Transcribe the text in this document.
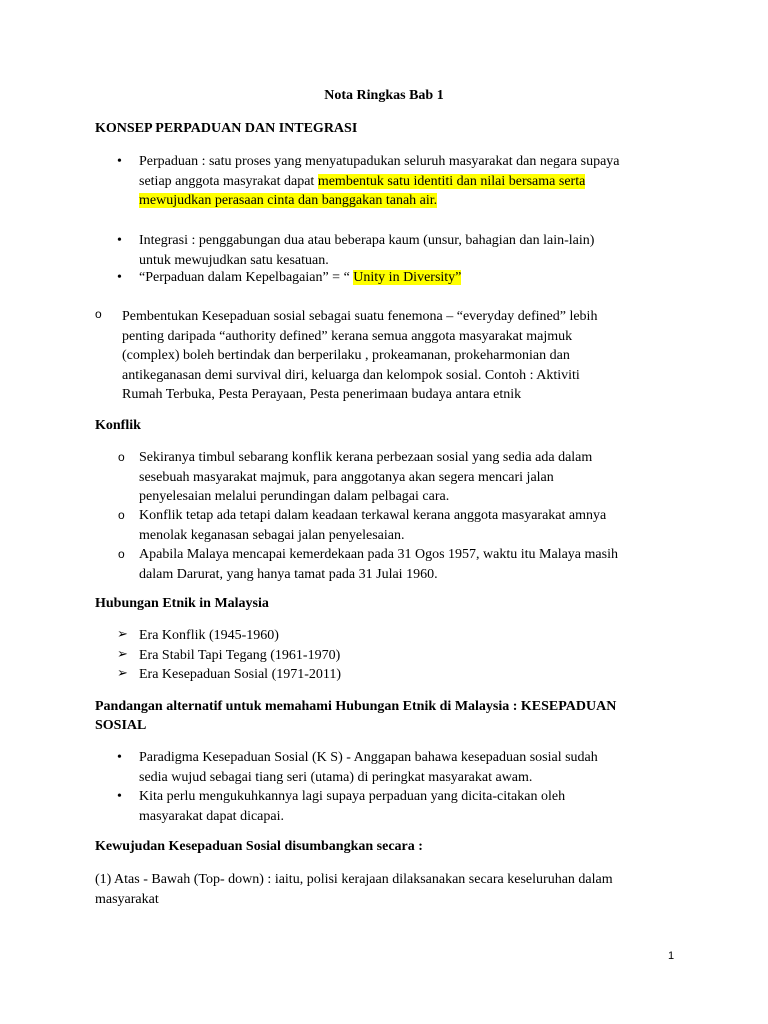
Nota Ringkas Bab 1
KONSEP PERPADUAN DAN INTEGRASI
• Perpaduan : satu proses yang menyatupadukan seluruh masyarakat dan negara supaya

setiap anggota masyrakat dapat membentuk satu identiti dan nilai bersama serta

mewujudkan perasaan cinta dan banggakan tanah air.

• Integrasi : penggabungan dua atau beberapa kaum (unsur, bahagian dan lain-lain)

untuk mewujudkan satu kesatuan.

• “Perpaduan dalam Kepelbagaian” = “ Unity in Diversity”

o Pembentukan Kesepaduan sosial sebagai suatu fenemona – “everyday defined” lebih

penting daripada “authority defined” kerana semua anggota masyarakat majmuk

(complex) boleh bertindak dan berperilaku , prokeamanan, prokeharmonian dan

antikeganasan demi survival diri, keluarga dan kelompok sosial. Contoh : Aktiviti

Rumah Terbuka, Pesta Perayaan, Pesta penerimaan budaya antara etnik

Konflik
o Sekiranya timbul sebarang konflik kerana perbezaan sosial yang sedia ada dalam

sesebuah masyarakat majmuk, para anggotanya akan segera mencari jalan

penyelesaian melalui perundingan dalam pelbagai cara.

o Konflik tetap ada tetapi dalam keadaan terkawal kerana anggota masyarakat amnya

menolak keganasan sebagai jalan penyelesaian.

o Apabila Malaya mencapai kemerdekaan pada 31 Ogos 1957, waktu itu Malaya masih

dalam Darurat, yang hanya tamat pada 31 Julai 1960.

Hubungan Etnik in Malaysia
➢ Era Konflik (1945-1960)
➢ Era Stabil Tapi Tegang (1961-1970)
➢ Era Kesepaduan Sosial (1971-2011)

Pandangan alternatif untuk memahami Hubungan Etnik di Malaysia : KESEPADUAN

SOSIAL

• Paradigma Kesepaduan Sosial (K S) - Anggapan bahawa kesepaduan sosial sudah

sedia wujud sebagai tiang seri (utama) di peringkat masyarakat awam.

• Kita perlu mengukuhkannya lagi supaya perpaduan yang dicita-citakan oleh

masyarakat dapat dicapai.

Kewujudan Kesepaduan Sosial disumbangkan secara :

(1) Atas - Bawah (Top- down) : iaitu, polisi kerajaan dilaksanakan secara keseluruhan dalam

masyarakat

1
